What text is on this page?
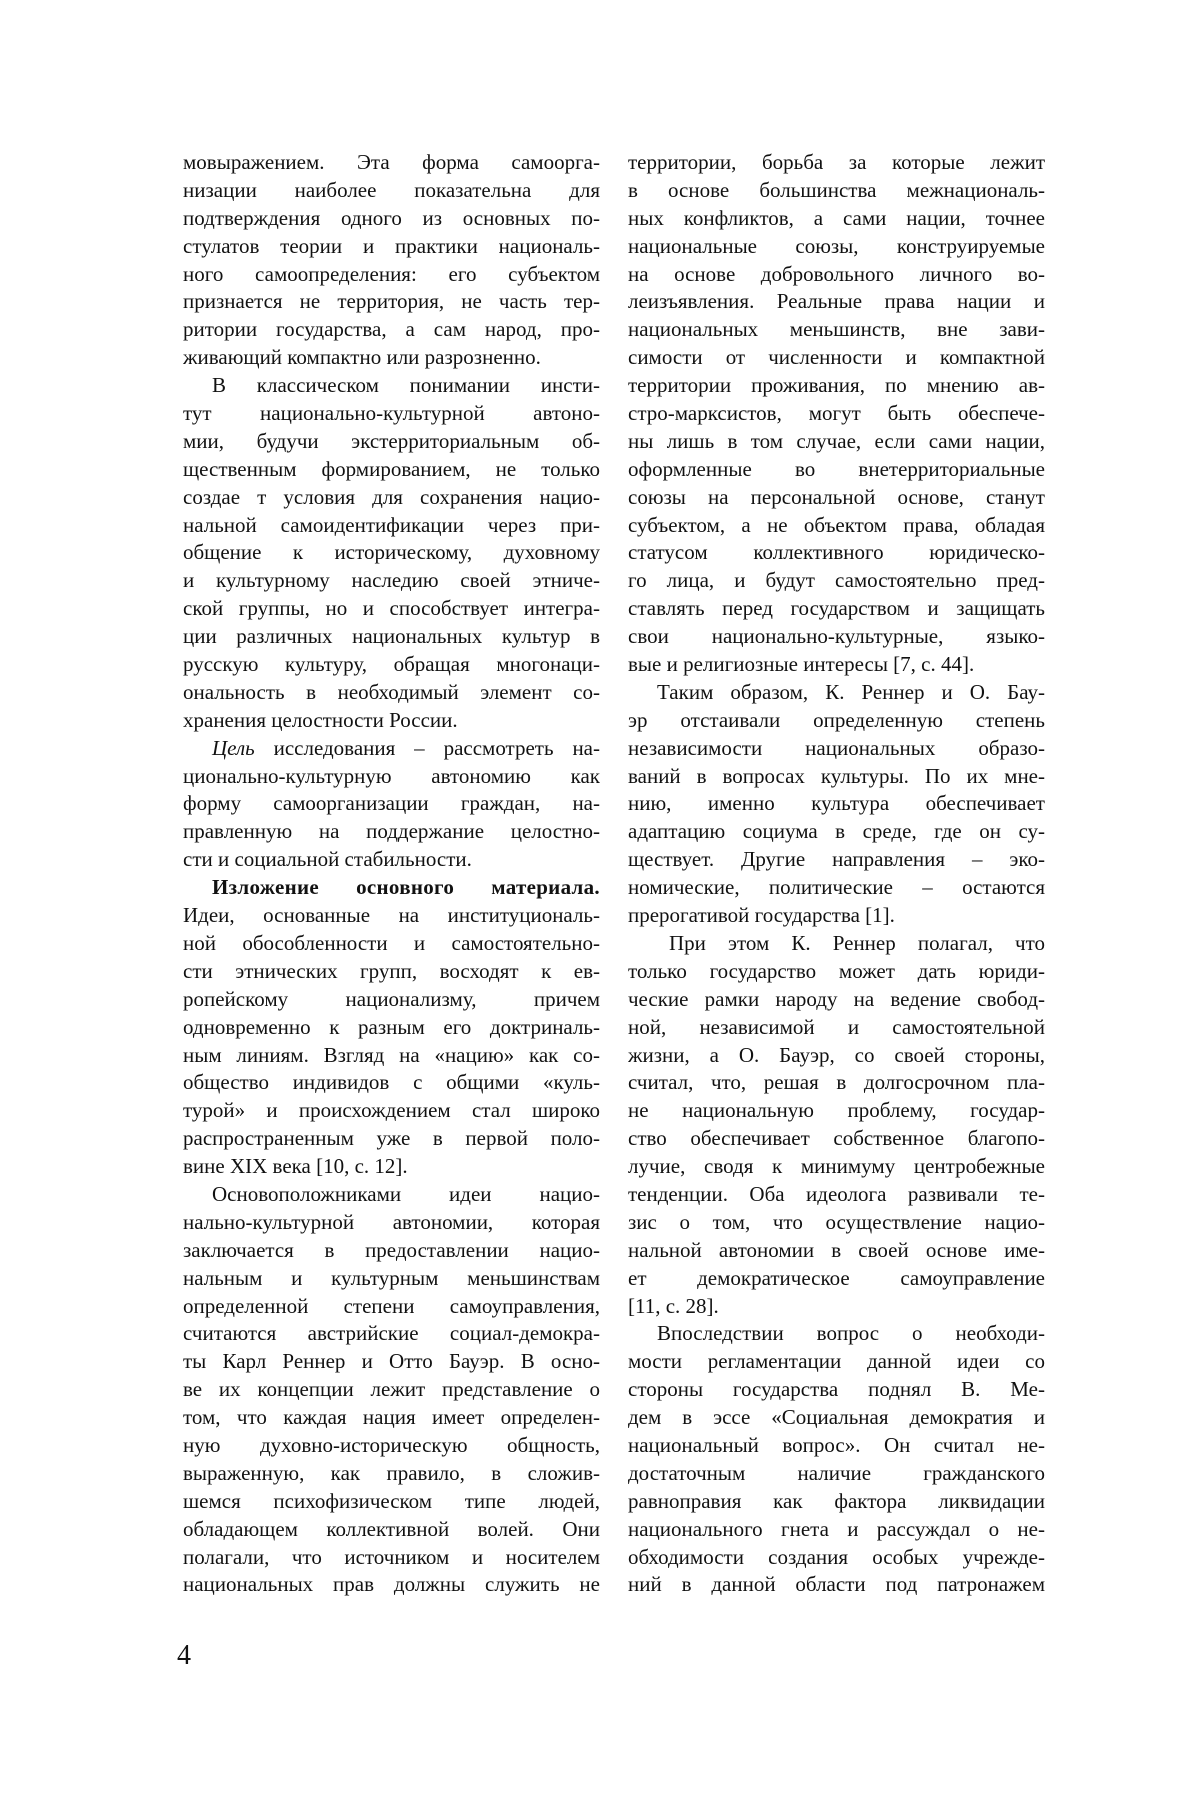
мовыражением. Эта форма самоорга-
низации наиболее показательна для
подтверждения одного из основных по-
стулатов теории и практики националь-
ного самоопределения: его субъектом
признается не территория, не часть тер-
ритории государства, а сам народ, про-
живающий компактно или разрозненно.
В классическом понимании инсти-
тут национально-культурной автоно-
мии, будучи экстерриториальным об-
щественным формированием, не только
создае т условия для сохранения нацио-
нальной самоидентификации через при-
общение к историческому, духовному
и культурному наследию своей этниче-
ской группы, но и способствует интегра-
ции различных национальных культур в
русскую культуру, обращая многонаци-
ональность в необходимый элемент со-
хранения целостности России.
Цель исследования – рассмотреть на-
ционально-культурную автономию как
форму самоорганизации граждан, на-
правленную на поддержание целостно-
сти и социальной стабильности.
Изложение основного материала.
Идеи, основанные на институциональ-
ной обособленности и самостоятельно-
сти этнических групп, восходят к ев-
ропейскому национализму, причем
одновременно к разным его доктриналь-
ным линиям. Взгляд на «нацию» как со-
общество индивидов с общими «куль-
турой» и происхождением стал широко
распространенным уже в первой поло-
вине XIX века [10, с. 12].
Основоположниками идеи нацио-
нально-культурной автономии, которая
заключается в предоставлении нацио-
нальным и культурным меньшинствам
определенной степени самоуправления,
считаются австрийские социал-демокра-
ты Карл Реннер и Отто Бауэр. В осно-
ве их концепции лежит представление о
том, что каждая нация имеет определен-
ную духовно-историческую общность,
выраженную, как правило, в сложив-
шемся психофизическом типе людей,
обладающем коллективной волей. Они
полагали, что источником и носителем
национальных прав должны служить не
территории, борьба за которые лежит
в основе большинства межнациональ-
ных конфликтов, а сами нации, точнее
национальные союзы, конструируемые
на основе добровольного личного во-
леизъявления. Реальные права нации и
национальных меньшинств, вне зави-
симости от численности и компактной
территории проживания, по мнению ав-
стро-марксистов, могут быть обеспече-
ны лишь в том случае, если сами нации,
оформленные во внетерриториальные
союзы на персональной основе, станут
субъектом, а не объектом права, обладая
статусом коллективного юридическо-
го лица, и будут самостоятельно пред-
ставлять перед государством и защищать
свои национально-культурные, языко-
вые и религиозные интересы [7, с. 44].
Таким образом, К. Реннер и О. Бау-
эр отстаивали определенную степень
независимости национальных образо-
ваний в вопросах культуры. По их мне-
нию, именно культура обеспечивает
адаптацию социума в среде, где он су-
ществует. Другие направления – эко-
номические, политические – остаются
прерогативой государства [1].
При этом К. Реннер полагал, что
только государство может дать юриди-
ческие рамки народу на ведение свобод-
ной, независимой и самостоятельной
жизни, а О. Бауэр, со своей стороны,
считал, что, решая в долгосрочном пла-
не национальную проблему, государ-
ство обеспечивает собственное благопо-
лучие, сводя к минимуму центробежные
тенденции. Оба идеолога развивали те-
зис о том, что осуществление нацио-
нальной автономии в своей основе име-
ет демократическое самоуправление
[11, с. 28].
Впоследствии вопрос о необходи-
мости регламентации данной идеи со
стороны государства поднял В. Ме-
дем в эссе «Социальная демократия и
национальный вопрос». Он считал не-
достаточным наличие гражданского
равноправия как фактора ликвидации
национального гнета и рассуждал о не-
обходимости создания особых учрежде-
ний в данной области под патронажем
4
